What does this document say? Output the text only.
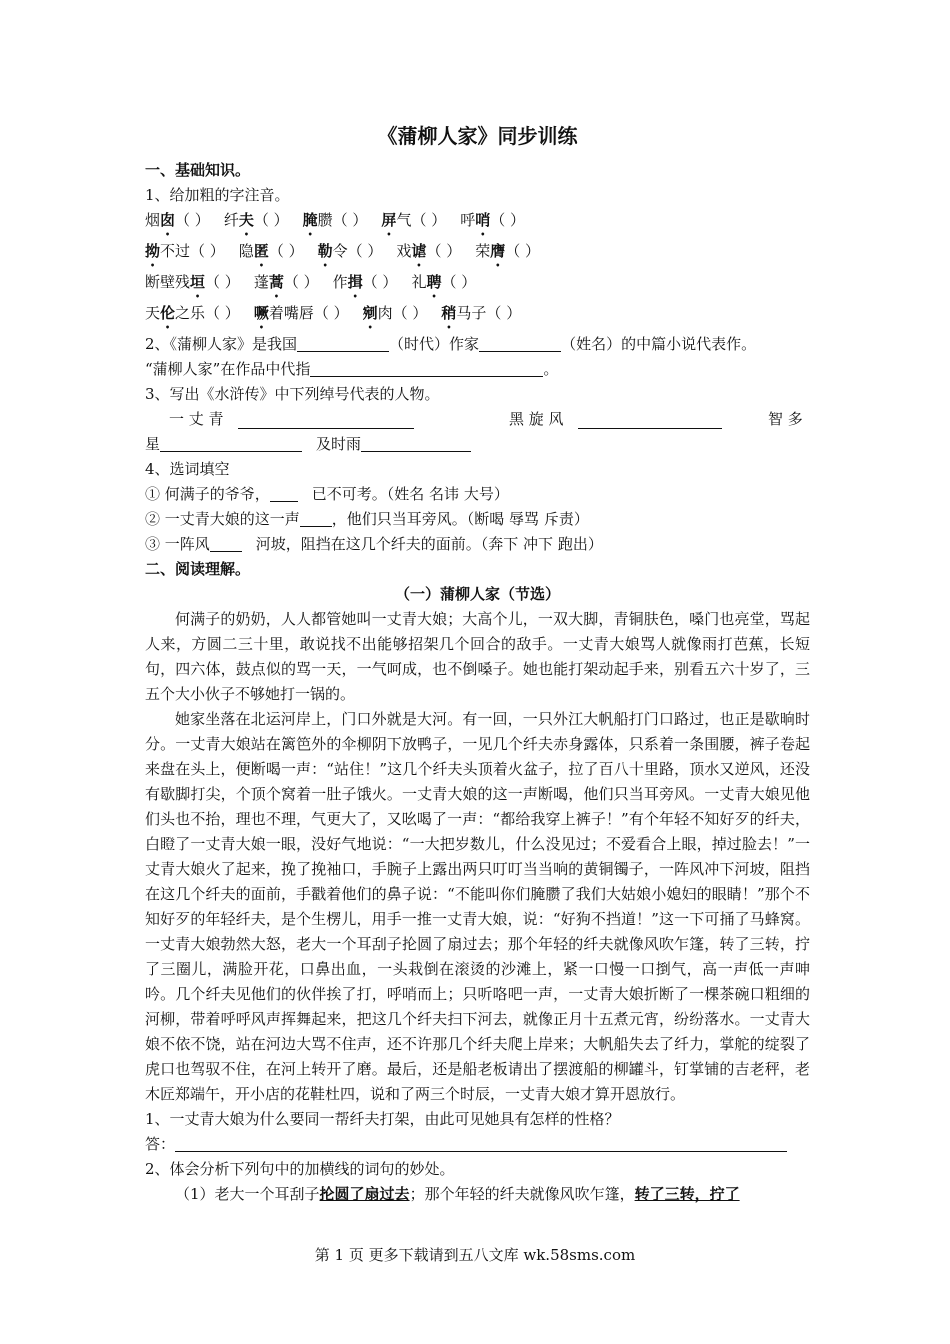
《蒲柳人家》同步训练
一、基础知识。
1、给加粗的字注音。
烟囱（ ） 纤夫（ ） 腌臜（ ） 屏气（ ） 呼哨（ ）
拗不过（ ） 隐匿（ ） 勒令（ ） 戏谑（ ） 荣膺（ ）
断壁残垣（ ） 蓬蒿（ ） 作揖（ ） 礼聘（ ）
天伦之乐（ ） 噘着嘴唇（ ） 剜肉（ ） 稍马子（ ）
2、《蒲柳人家》是我国	（时代）作家	（姓名）的中篇小说代表作。
“蒲柳人家”在作品中代指	。
3、写出《水浒传》中下列绰号代表的人物。
一 丈 青	黑 旋 风	智 多
星	及时雨
4、选词填空
① 何满子的爷爷，	已不可考。（姓名 名讳 大号）
② 一丈青大娘的这一声 ，他们只当耳旁风。（断喝 辱骂 斥责）
③ 一阵风	河坡，阻挡在这几个纤夫的面前。（奔下 冲下 跑出）
二、阅读理解。
（一）蒲柳人家（节选）
何满子的奶奶，人人都管她叫一丈青大娘；大高个儿，一双大脚，青铜肤色，嗓门也亮堂，骂起人来，方圆二三十里，敢说找不出能够招架几个回合的敌手。一丈青大娘骂人就像雨打芭蕉，长短句，四六体，鼓点似的骂一天，一气呵成，也不倒嗓子。她也能打架动起手来，别看五六十岁了，三五个大小伙子不够她打一锅的。
她家坐落在北运河岸上，门口外就是大河。有一回，一只外江大帆船打门口路过，也正是歇晌时分。一丈青大娘站在篱笆外的伞柳阴下放鸭子，一见几个纤夫赤身露体，只系着一条围腰，裤子卷起来盘在头上，便断喝一声：“站住！”这几个纤夫头顶着火盆子，拉了百八十里路，顶水又逆风，还没有歇脚打尖，个顶个窝着一肚子饿火。一丈青大娘的这一声断喝，他们只当耳旁风。一丈青大娘见他们头也不抬，理也不理，气更大了，又吆喝了一声：“都给我穿上裤子！”有个年轻不知好歹的纤夫，白瞪了一丈青大娘一眼，没好气地说：“一大把岁数儿，什么没见过；不爱看合上眼，掉过脸去！”一丈青大娘火了起来，挽了挽袖口，手腕子上露出两只叮叮当当响的黄铜镯子，一阵风冲下河坡，阻挡在这几个纤夫的面前，手戳着他们的鼻子说：“不能叫你们腌臜了我们大姑娘小媳妇的眼睛！”那个不知好歹的年轻纤夫，是个生楞儿，用手一推一丈青大娘，说：“好狗不挡道！”这一下可捅了马蜂窝。一丈青大娘勃然大怒，老大一个耳刮子抡圆了扇过去；那个年轻的纤夫就像风吹乍篷，转了三转，拧了三圈儿，满脸开花，口鼻出血，一头栽倒在滚烫的沙滩上，紧一口慢一口捯气，高一声低一声呻吟。几个纤夫见他们的伙伴挨了打，呼哨而上；只听咯吧一声，一丈青大娘折断了一棵茶碗口粗细的河柳，带着呼呼风声挥舞起来，把这几个纤夫扫下河去，就像正月十五煮元宵，纷纷落水。一丈青大娘不依不饶，站在河边大骂不住声，还不许那几个纤夫爬上岸来；大帆船失去了纤力，掌舵的绽裂了虎口也驾驭不住，在河上转开了磨。最后，还是船老板请出了摆渡船的柳罐斗，钉掌铺的吉老秤，老木匠郑端午，开小店的花鞋杜四，说和了两三个时辰，一丈青大娘才算开恩放行。
1、一丈青大娘为什么要同一帮纤夫打架，由此可见她具有怎样的性格？
答：
2、体会分析下列句中的加横线的词句的妙处。
（1）老大一个耳刮子抡圆了扇过去；那个年轻的纤夫就像风吹乍篷，转了三转，拧了
第 1 页 更多下载请到五八文库 wk.58sms.com
